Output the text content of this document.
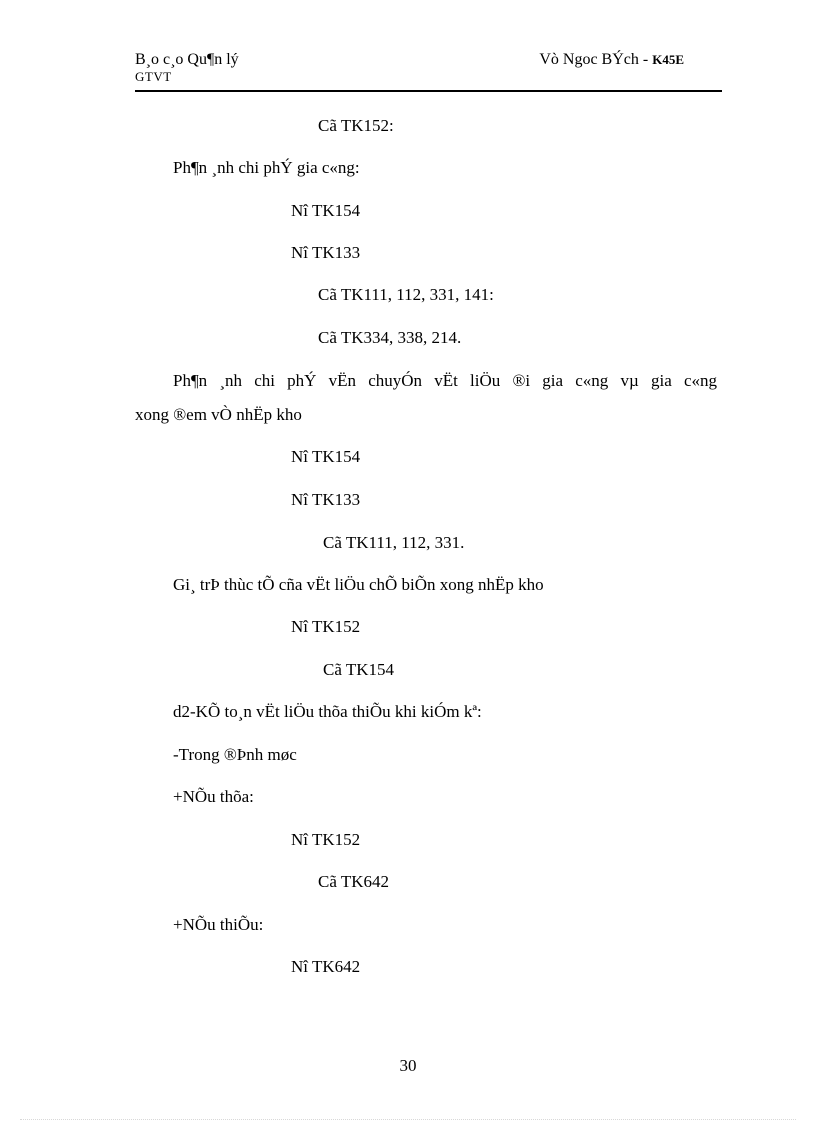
B¸o c¸o Qu¶n lý
GTVT
Vò Ngoc BÝch - K45E
Cã TK152:
Ph¶n ¸nh chi phÝ gia c«ng:
Nî TK154
Nî TK133
Cã TK111, 112, 331, 141:
Cã TK334, 338, 214.
Ph¶n ¸nh chi phÝ vËn chuyÓn vËt liÖu ®i gia c«ng vµ gia c«ng
xong ®em vÒ nhËp kho
Nî TK154
Nî TK133
Cã TK111, 112, 331.
Gi¸ trÞ thùc tÕ cña vËt liÖu chÕ biÕn xong nhËp kho
Nî TK152
Cã TK154
d2-KÕ to¸n vËt liÖu thõa thiÕu khi kiÓm kª:
-Trong ®Þnh møc
+NÕu thõa:
Nî TK152
Cã TK642
+NÕu thiÕu:
Nî TK642
30
